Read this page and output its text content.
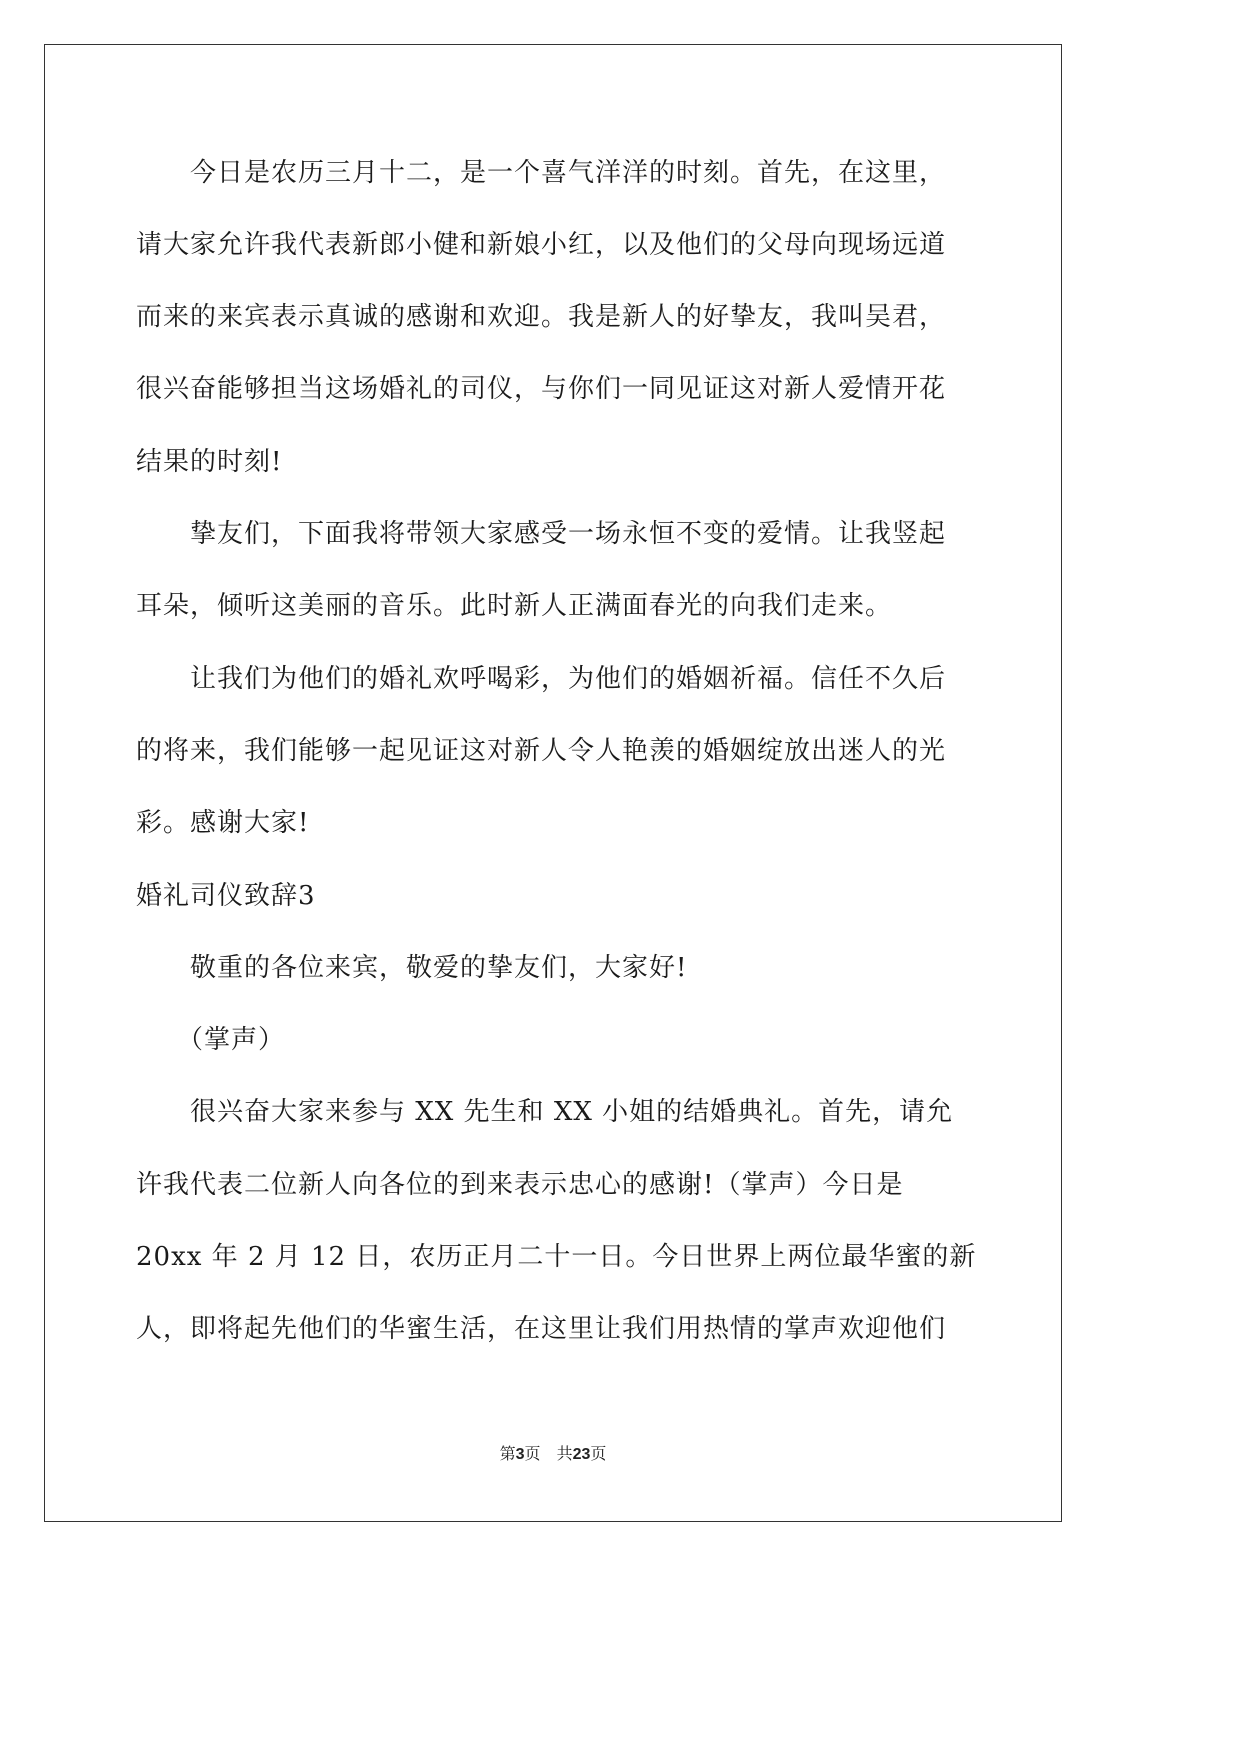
　　今日是农历三月十二，是一个喜气洋洋的时刻。首先，在这里，

请大家允许我代表新郎小健和新娘小红，以及他们的父母向现场远道

而来的来宾表示真诚的感谢和欢迎。我是新人的好挚友，我叫吴君，

很兴奋能够担当这场婚礼的司仪，与你们一同见证这对新人爱情开花

结果的时刻!

　　挚友们，下面我将带领大家感受一场永恒不变的爱情。让我竖起

耳朵，倾听这美丽的音乐。此时新人正满面春光的向我们走来。

　　让我们为他们的婚礼欢呼喝彩，为他们的婚姻祈福。信任不久后

的将来，我们能够一起见证这对新人令人艳羡的婚姻绽放出迷人的光

彩。感谢大家!

婚礼司仪致辞3

　　敬重的各位来宾，敬爱的挚友们，大家好!

　　（掌声）

　　很兴奋大家来参与 XX 先生和 XX 小姐的结婚典礼。首先，请允

许我代表二位新人向各位的到来表示忠心的感谢!（掌声）今日是

20xx 年 2 月 12 日，农历正月二十一日。今日世界上两位最华蜜的新

人，即将起先他们的华蜜生活，在这里让我们用热情的掌声欢迎他们

第3页　 共23页
